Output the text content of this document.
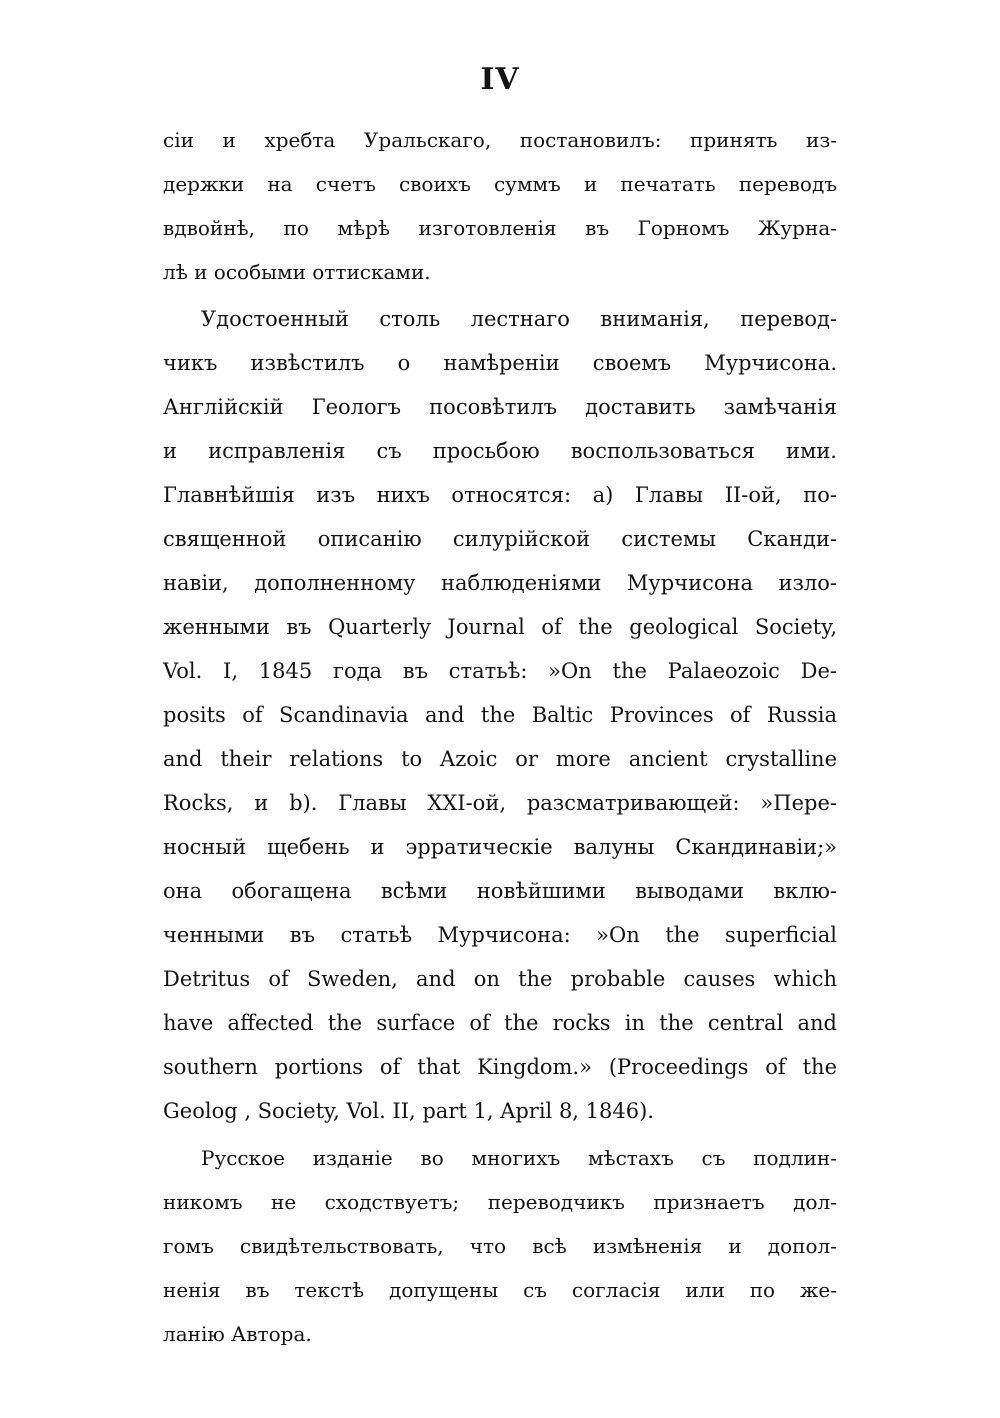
IV

сіи и хребта Уральскаго, постановилъ: принять из-
держки на счетъ своихъ суммъ и печатать переводъ
вдвойнѣ, по мѣрѣ изготовленія въ Горномъ Журна-
лѣ и особыми оттисками.

Удостоенный столь лестнаго вниманія, перевод-
чикъ извѣстилъ о намѣреніи своемъ Мурчисона.
Англійскій Геологъ посовѣтилъ доставить замѣчанія
и исправленія съ просьбою воспользоваться ими.
Главнѣйшія изъ нихъ относятся: a) Главы II-ой, по-
священной описанію силурійской системы Сканди-
навіи, дополненному наблюденіями Мурчисона изло-
женными въ Quarterly Journal of the geological Society,
Vol. I, 1845 года въ статьѣ: »On the Palaeozoic De-
posits of Scandinavia and the Baltic Provinces of Russia
and their relations to Azoic or more ancient crystalline
Rocks, и b). Главы XXI-ой, разсматривающей: »Пере-
носный щебень и эрратическіе валуны Скандинавіи;»
она обогащена всѣми новѣйшими выводами вклю-
ченными въ статьѣ Мурчисона: »On the superficial
Detritus of Sweden, and on the probable causes which
have affected the surface of the rocks in the central and
southern portions of that Kingdom.» (Proceedings of the
Geolog , Society, Vol. II, part 1, April 8, 1846).

Русское изданіе во многихъ мѣстахъ съ подлин-
никомъ не сходствуетъ; переводчикъ признаетъ дол-
гомъ свидѣтельствовать, что всѣ измѣненія и допол-
ненія въ текстѣ допущены съ согласія или по же-
ланію Автора.
